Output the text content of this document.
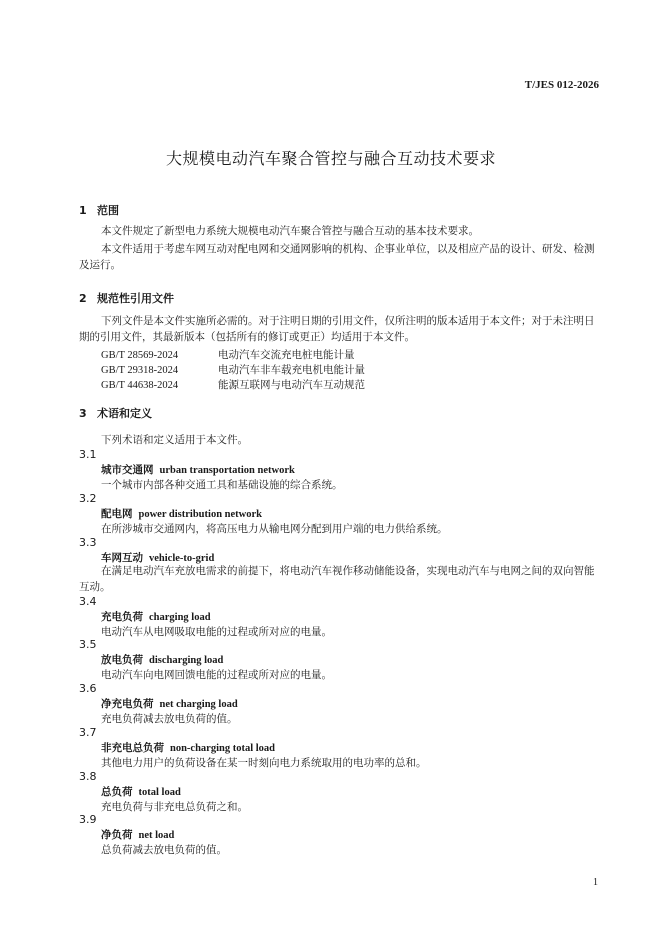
T/JES 012-2026
大规模电动汽车聚合管控与融合互动技术要求
1 范围
本文件规定了新型电力系统大规模电动汽车聚合管控与融合互动的基本技术要求。
本文件适用于考虑车网互动对配电网和交通网影响的机构、企事业单位，以及相应产品的设计、研发、检测及运行。
2 规范性引用文件
下列文件是本文件实施所必需的。对于注明日期的引用文件，仅所注明的版本适用于本文件；对于未注明日期的引用文件，其最新版本（包括所有的修订或更正）均适用于本文件。
GB/T 28569-2024	电动汽车交流充电桩电能计量
GB/T 29318-2024	电动汽车非车载充电机电能计量
GB/T 44638-2024	能源互联网与电动汽车互动规范
3 术语和定义
下列术语和定义适用于本文件。
3.1
城市交通网 urban transportation network
一个城市内部各种交通工具和基础设施的综合系统。
3.2
配电网 power distribution network
在所涉城市交通网内，将高压电力从输电网分配到用户端的电力供给系统。
3.3
车网互动 vehicle-to-grid
在满足电动汽车充放电需求的前提下，将电动汽车视作移动储能设备，实现电动汽车与电网之间的双向智能互动。
3.4
充电负荷 charging load
电动汽车从电网吸取电能的过程或所对应的电量。
3.5
放电负荷 discharging load
电动汽车向电网回馈电能的过程或所对应的电量。
3.6
净充电负荷 net charging load
充电负荷减去放电负荷的值。
3.7
非充电总负荷 non-charging total load
其他电力用户的负荷设备在某一时刻向电力系统取用的电功率的总和。
3.8
总负荷 total load
充电负荷与非充电总负荷之和。
3.9
净负荷 net load
总负荷减去放电负荷的值。
1
